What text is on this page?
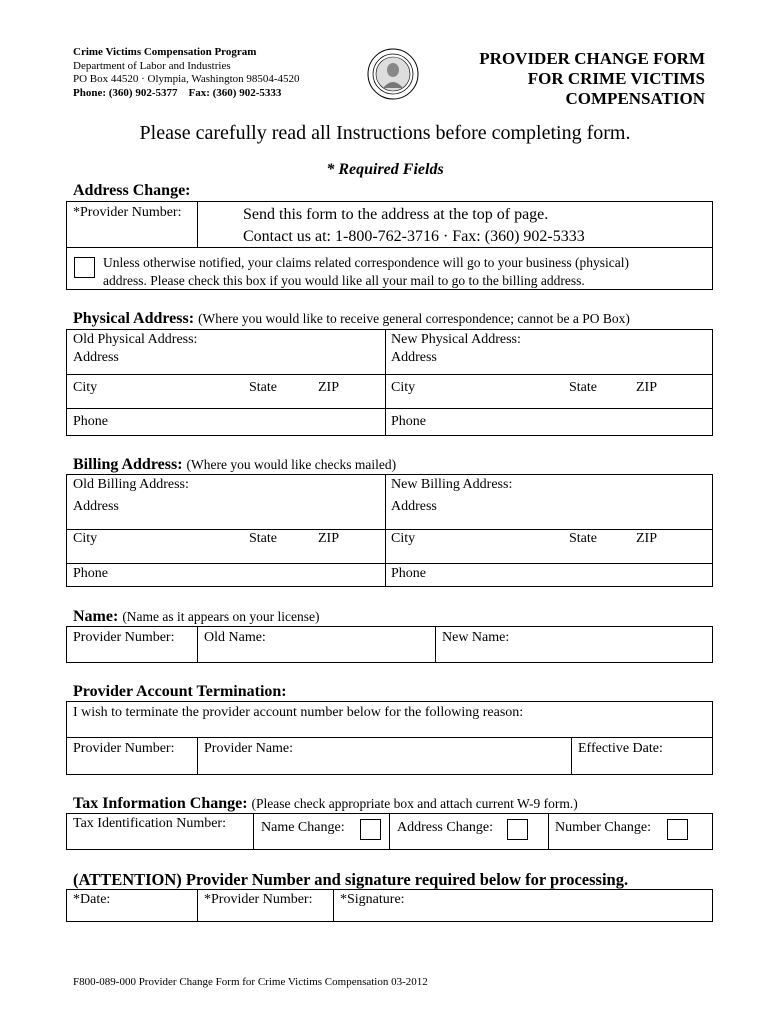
Crime Victims Compensation Program
Department of Labor and Industries
PO Box 44520 · Olympia, Washington 98504-4520
Phone: (360) 902-5377    Fax: (360) 902-5333
PROVIDER CHANGE FORM
FOR CRIME VICTIMS
COMPENSATION
Please carefully read all Instructions before completing form.
* Required Fields
Address Change:
*Provider Number:	Send this form to the address at the top of page.
Contact us at: 1-800-762-3716 · Fax: (360) 902-5333
Unless otherwise notified, your claims related correspondence will go to your business (physical)
address. Please check this box if you would like all your mail to go to the billing address.
Physical Address: (Where you would like to receive general correspondence; cannot be a PO Box)
Old Physical Address:
Address
New Physical Address:
Address
City	State	ZIP	City	State	ZIP
Phone	Phone
Billing Address: (Where you would like checks mailed)
Old Billing Address:
Address
New Billing Address:
Address
City	State	ZIP	City	State	ZIP
Phone	Phone
Name: (Name as it appears on your license)
Provider Number: Old Name:	New Name:
Provider Account Termination:
I wish to terminate the provider account number below for the following reason:
Provider Number: Provider Name:	Effective Date:
Tax Information Change: (Please check appropriate box and attach current W-9 form.)
Tax Identification Number:	Name Change:	Address Change:	Number Change:
(ATTENTION) Provider Number and signature required below for processing.
*Date:	*Provider Number: *Signature:
F800-089-000 Provider Change Form for Crime Victims Compensation 03-2012
